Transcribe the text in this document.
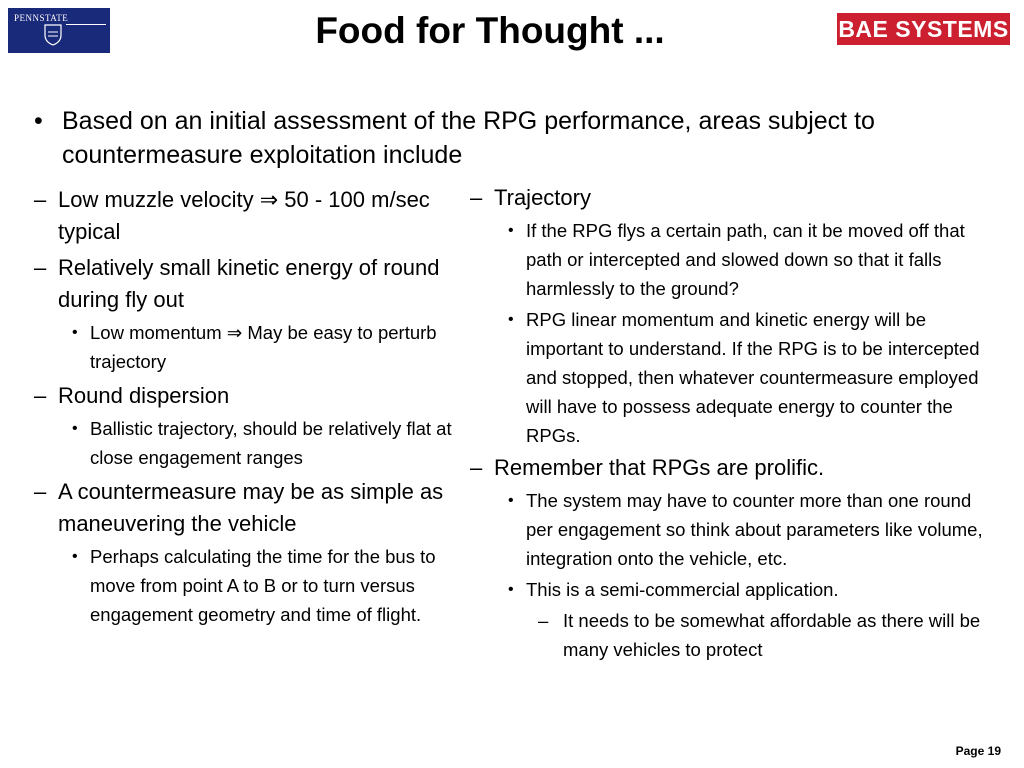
PENNSTATE	Food for Thought ...	BAE SYSTEMS
• Based on an initial assessment of the RPG performance, areas subject to countermeasure exploitation include
– Low muzzle velocity ⇒ 50 - 100 m/sec typical
– Relatively small kinetic energy of round during fly out
• Low momentum ⇒ May be easy to perturb trajectory
– Round dispersion
• Ballistic trajectory, should be relatively flat at close engagement ranges
– A countermeasure may be as simple as maneuvering the vehicle
• Perhaps calculating the time for the bus to move from point A to B or to turn versus engagement geometry and time of flight.
– Trajectory
• If the RPG flys a certain path, can it be moved off that path or intercepted and slowed down so that it falls harmlessly to the ground?
• RPG linear momentum and kinetic energy will be important to understand. If the RPG is to be intercepted and stopped, then whatever countermeasure employed will have to possess adequate energy to counter the RPGs.
– Remember that RPGs are prolific.
• The system may have to counter more than one round per engagement so think about parameters like volume, integration onto the vehicle, etc.
• This is a semi-commercial application.
– It needs to be somewhat affordable as there will be many vehicles to protect
Page 19
